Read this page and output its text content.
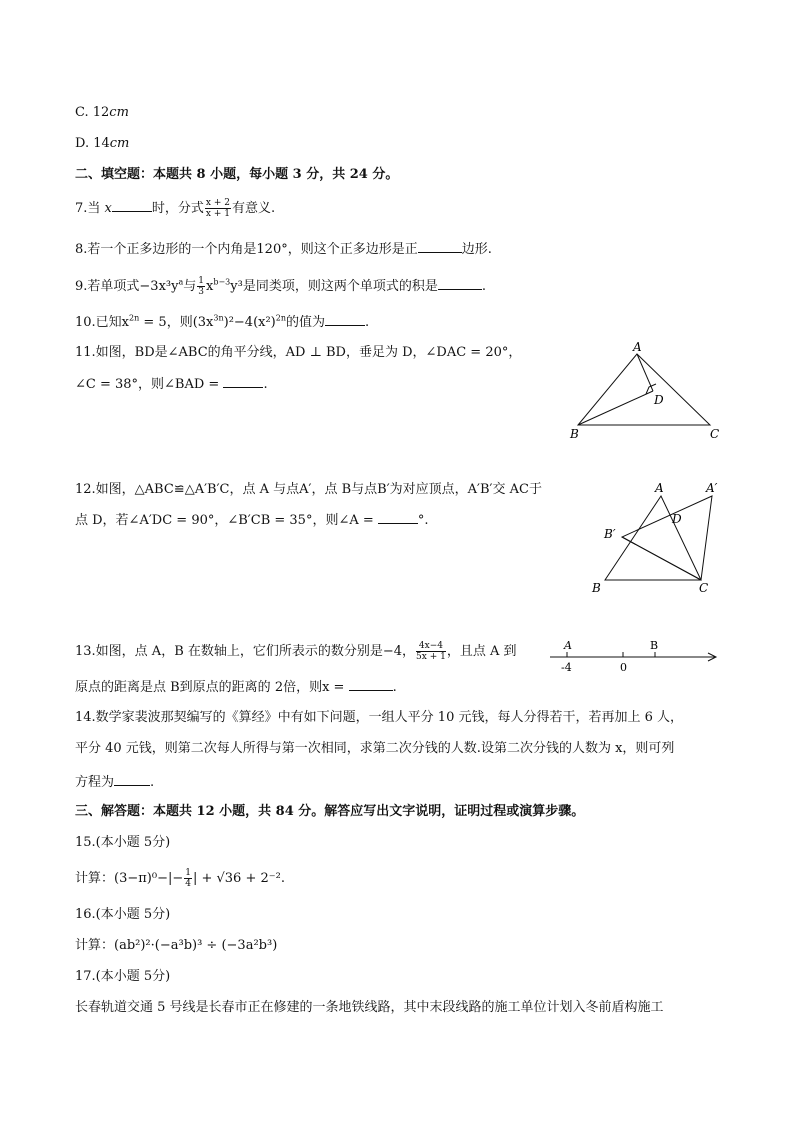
C. 12cm
D. 14cm
二、填空题：本题共 8 小题，每小题 3 分，共 24 分。
7.当 x	时，分式 $\frac{x + 2}{x + 1}$ 有意义.
8.若一个正多边形的一个内角是120°，则这个正多边形是正	边形.
9.若单项式$-3x^3y^a$与 $\frac{1}{3} x^{b-3}y^3$是同类项，则这两个单项式的积是	.
10.已知$x^{2n} = 5$，则$(3x^{3n})^2-4(x^2)^{2n}$的值为	.
11.如图，BD是∠ABC的角平分线，AD ⊥ BD，垂足为 D，∠DAC = 20°，
∠C = 38°，则∠BAD =	.
A
B	C
D
12.如图，△ABC≌△A′B′C，点 A 与点A′，点 B与点B′为对应顶点，A′B′交 AC于
点 D，若∠A′DC = 90°，∠B′CB = 35°，则∠A =	°.
A	A′
B′
D
B	C
13.如图，点 A，B 在数轴上，它们所表示的数分别是−4， $\frac{4x-4}{5x + 1}$ ，且点 A 到
原点的距离是点 B到原点的距离的 2倍，则x =	.
A	B
-4	0
14.数学家裴波那契编写的《算经》中有如下问题，一组人平分 10 元钱，每人分得若干，若再加上 6 人，
平分 40 元钱，则第二次每人所得与第一次相同，求第二次分钱的人数.设第二次分钱的人数为 x，则可列
方程为	.
三、解答题：本题共 12 小题，共 84 分。解答应写出文字说明，证明过程或演算步骤。
15.(本小题 5分)
计算：$(3-\pi)^0-|- \frac{1}{4}$ | + √36 + 2⁻².
16.(本小题 5分)
计算：(ab²)²·(−a³b)³ ÷ (−3a²b³)
17.(本小题 5分)
长春轨道交通 5 号线是长春市正在修建的一条地铁线路，其中末段线路的施工单位计划入冬前盾构施工
